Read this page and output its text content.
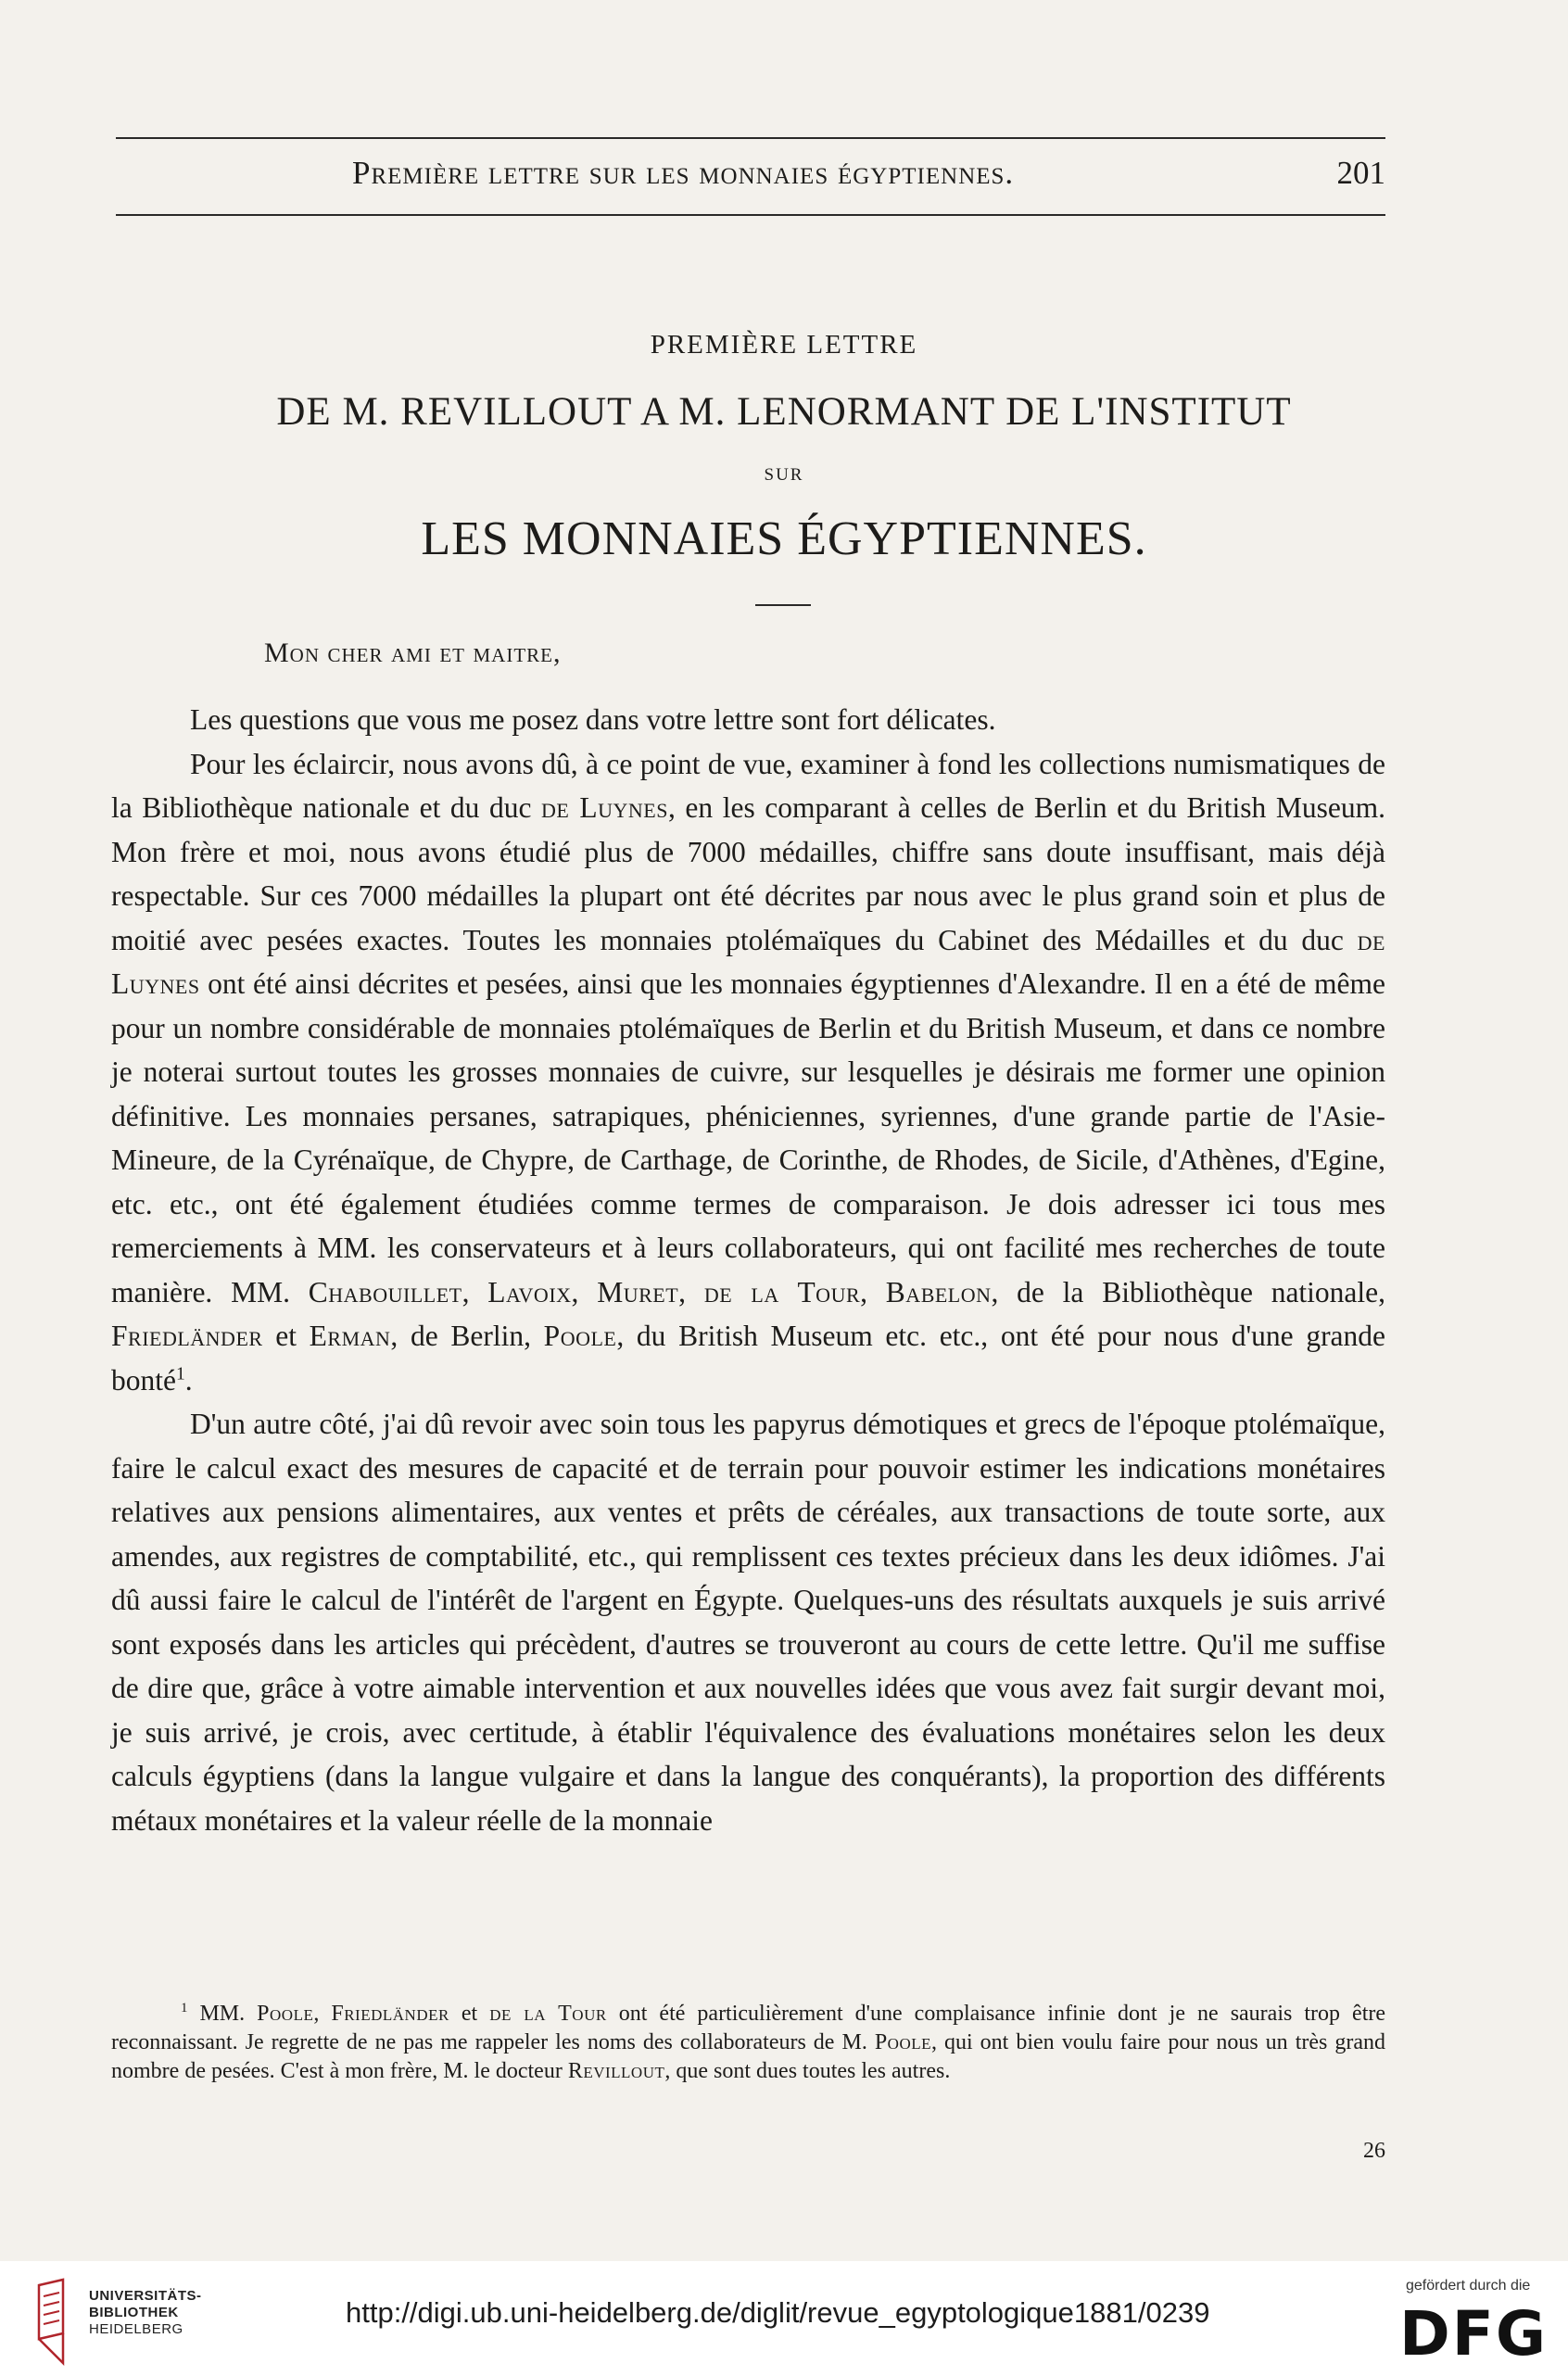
Première lettre sur les monnaies égyptiennes.	201
PREMIÈRE LETTRE
DE M. REVILLOUT A M. LENORMANT DE L'INSTITUT
SUR
LES MONNAIES ÉGYPTIENNES.
Mon cher ami et maitre,

Les questions que vous me posez dans votre lettre sont fort délicates.

Pour les éclaircir, nous avons dû, à ce point de vue, examiner à fond les collections numismatiques de la Bibliothèque nationale et du duc de Luynes, en les comparant à celles de Berlin et du British Museum. Mon frère et moi, nous avons étudié plus de 7000 médailles, chiffre sans doute insuffisant, mais déjà respectable. Sur ces 7000 médailles la plupart ont été décrites par nous avec le plus grand soin et plus de moitié avec pesées exactes. Toutes les monnaies ptolémaïques du Cabinet des Médailles et du duc de Luynes ont été ainsi décrites et pesées, ainsi que les monnaies égyptiennes d'Alexandre. Il en a été de même pour un nombre considérable de monnaies ptolémaïques de Berlin et du British Museum, et dans ce nombre je noterai surtout toutes les grosses monnaies de cuivre, sur lesquelles je désirais me former une opinion définitive. Les monnaies persanes, satrapiques, phéniciennes, syriennes, d'une grande partie de l'Asie-Mineure, de la Cyrénaïque, de Chypre, de Carthage, de Corinthe, de Rhodes, de Sicile, d'Athènes, d'Egine, etc. etc., ont été également étudiées comme termes de comparaison. Je dois adresser ici tous mes remerciements à MM. les conservateurs et à leurs collaborateurs, qui ont facilité mes recherches de toute manière. MM. Chabouillet, Lavoix, Muret, de la Tour, Babelon, de la Bibliothèque nationale, Friedländer et Erman, de Berlin, Poole, du British Museum etc. etc., ont été pour nous d'une grande bonté$^1$.

D'un autre côté, j'ai dû revoir avec soin tous les papyrus démotiques et grecs de l'époque ptolémaïque, faire le calcul exact des mesures de capacité et de terrain pour pouvoir estimer les indications monétaires relatives aux pensions alimentaires, aux ventes et prêts de céréales, aux transactions de toute sorte, aux amendes, aux registres de comptabilité, etc., qui remplissent ces textes précieux dans les deux idiômes. J'ai dû aussi faire le calcul de l'intérêt de l'argent en Égypte. Quelques-uns des résultats auxquels je suis arrivé sont exposés dans les articles qui précèdent, d'autres se trouveront au cours de cette lettre. Qu'il me suffise de dire que, grâce à votre aimable intervention et aux nouvelles idées que vous avez fait surgir devant moi, je suis arrivé, je crois, avec certitude, à établir l'équivalence des évaluations monétaires selon les deux calculs égyptiens (dans la langue vulgaire et dans la langue des conquérants), la proportion des différents métaux monétaires et la valeur réelle de la monnaie

$^1$ MM. Poole, Friedländer et de la Tour ont été particulièrement d'une complaisance infinie dont je ne saurais trop être reconnaissant. Je regrette de ne pas me rappeler les noms des collaborateurs de M. Poole, qui ont bien voulu faire pour nous un très grand nombre de pesées. C'est à mon frère, M. le docteur Revillout, que sont dues toutes les autres.

26
UNIVERSITÄTS-
BIBLIOTHEK
HEIDELBERG
http://digi.ub.uni-heidelberg.de/diglit/revue_egyptologique1881/0239
gefördert durch die
DFG
